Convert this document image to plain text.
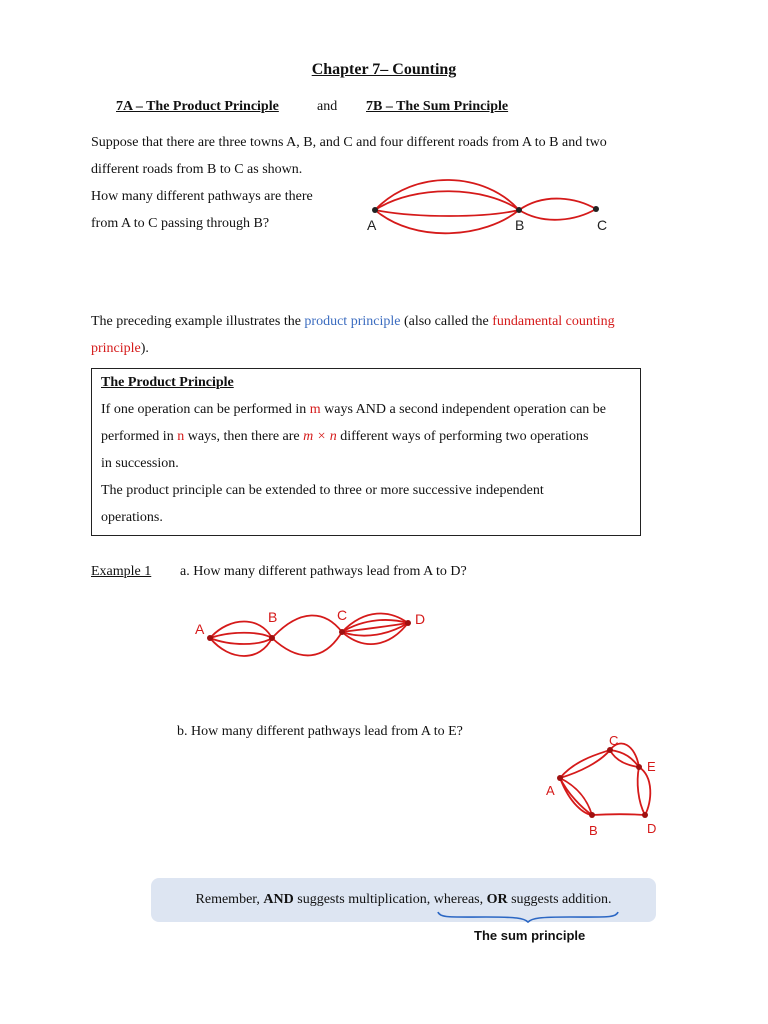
Chapter 7– Counting
7A – The Product Principle	and 7B – The Sum Principle
Suppose that there are three towns A, B, and C and four different roads from A to B and two
different roads from B to C as shown.
How many different pathways are there
from A to C passing through B?	A	B	C
The preceding example illustrates the product principle (also called the fundamental counting
principle).
The Product Principle
If one operation can be performed in m ways AND a second independent operation can be
performed in n ways, then there are m × n different ways of performing two operations
in succession.
The product principle can be extended to three or more successive independent
operations.
Example 1 a. How many different pathways lead from A to D?
A
B	C	D
b. How many different pathways lead from A to E?
A
B
C
D
E
Remember, AND suggests multiplication, whereas, OR suggests addition.
The sum principle
